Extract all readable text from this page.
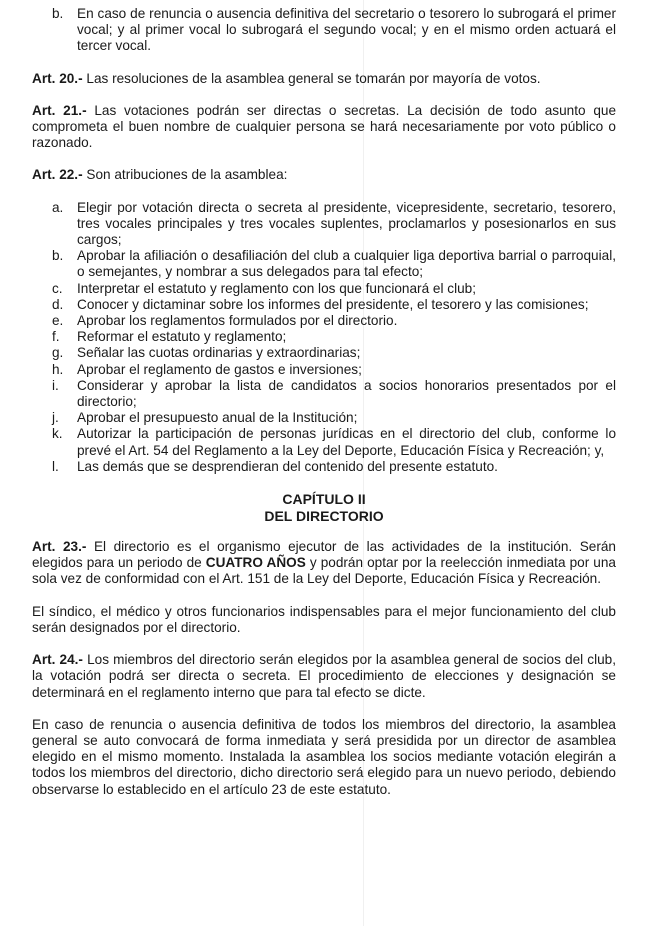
b. En caso de renuncia o ausencia definitiva del secretario o tesorero lo subrogará el primer vocal; y al primer vocal lo subrogará el segundo vocal; y en el mismo orden actuará el tercer vocal.

Art. 20.- Las resoluciones de la asamblea general se tomarán por mayoría de votos.

Art. 21.- Las votaciones podrán ser directas o secretas. La decisión de todo asunto que comprometa el buen nombre de cualquier persona se hará necesariamente por voto público o razonado.

Art. 22.- Son atribuciones de la asamblea:

a. Elegir por votación directa o secreta al presidente, vicepresidente, secretario, tesorero, tres vocales principales y tres vocales suplentes, proclamarlos y posesionarlos en sus cargos;
b. Aprobar la afiliación o desafiliación del club a cualquier liga deportiva barrial o parroquial, o semejantes, y nombrar a sus delegados para tal efecto;
c. Interpretar el estatuto y reglamento con los que funcionará el club;
d. Conocer y dictaminar sobre los informes del presidente, el tesorero y las comisiones;
e. Aprobar los reglamentos formulados por el directorio.
f. Reformar el estatuto y reglamento;
g. Señalar las cuotas ordinarias y extraordinarias;
h. Aprobar el reglamento de gastos e inversiones;
i. Considerar y aprobar la lista de candidatos a socios honorarios presentados por el directorio;
j. Aprobar el presupuesto anual de la Institución;
k. Autorizar la participación de personas jurídicas en el directorio del club, conforme lo prevé el Art. 54 del Reglamento a la Ley del Deporte, Educación Física y Recreación; y,
l. Las demás que se desprendieran del contenido del presente estatuto.
CAPÍTULO II
DEL DIRECTORIO

Art. 23.- El directorio es el organismo ejecutor de las actividades de la institución. Serán elegidos para un periodo de CUATRO AÑOS y podrán optar por la reelección inmediata por una sola vez de conformidad con el Art. 151 de la Ley del Deporte, Educación Física y Recreación.

El síndico, el médico y otros funcionarios indispensables para el mejor funcionamiento del club serán designados por el directorio.

Art. 24.- Los miembros del directorio serán elegidos por la asamblea general de socios del club, la votación podrá ser directa o secreta. El procedimiento de elecciones y designación se determinará en el reglamento interno que para tal efecto se dicte.

En caso de renuncia o ausencia definitiva de todos los miembros del directorio, la asamblea general se auto convocará de forma inmediata y será presidida por un director de asamblea elegido en el mismo momento. Instalada la asamblea los socios mediante votación elegirán a todos los miembros del directorio, dicho directorio será elegido para un nuevo periodo, debiendo observarse lo establecido en el artículo 23 de este estatuto.
